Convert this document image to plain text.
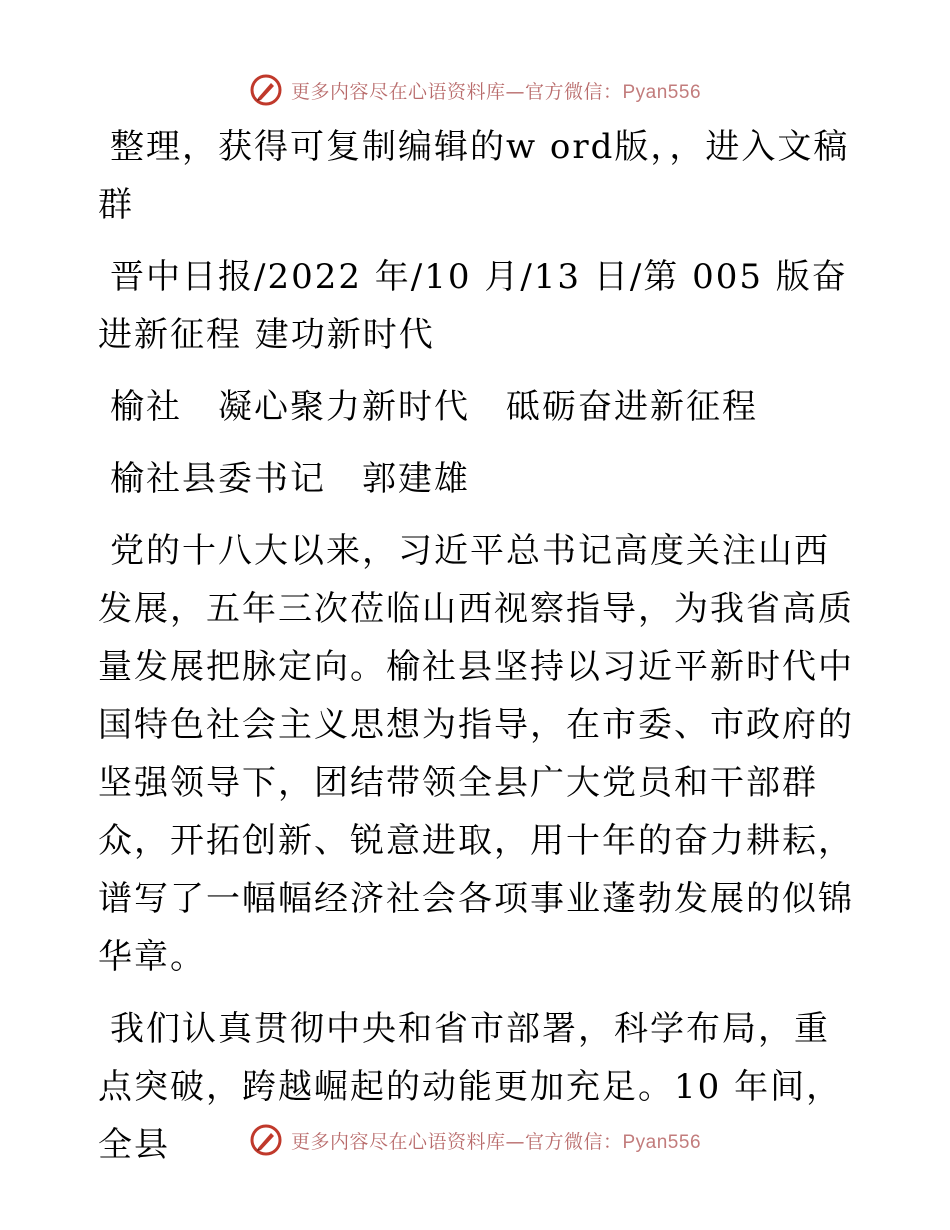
更多内容尽在心语资料库—官方微信：Pyan556

整理，获得可复制编辑的w ord版，，进入文稿群

晋中日报/2022 年/10 月/13 日/第 005 版奋进新征程 建功新时代

榆社　凝心聚力新时代　砥砺奋进新征程

榆社县委书记　郭建雄

党的十八大以来，习近平总书记高度关注山西发展，五年三次莅临山西视察指导，为我省高质量发展把脉定向。榆社县坚持以习近平新时代中国特色社会主义思想为指导，在市委、市政府的坚强领导下，团结带领全县广大党员和干部群众，开拓创新、锐意进取，用十年的奋力耕耘，谱写了一幅幅经济社会各项事业蓬勃发展的似锦华章。

我们认真贯彻中央和省市部署，科学布局，重点突破，跨越崛起的动能更加充足。10 年间，全县	更多内容尽在心语资料库—官方微信：Pyan556
